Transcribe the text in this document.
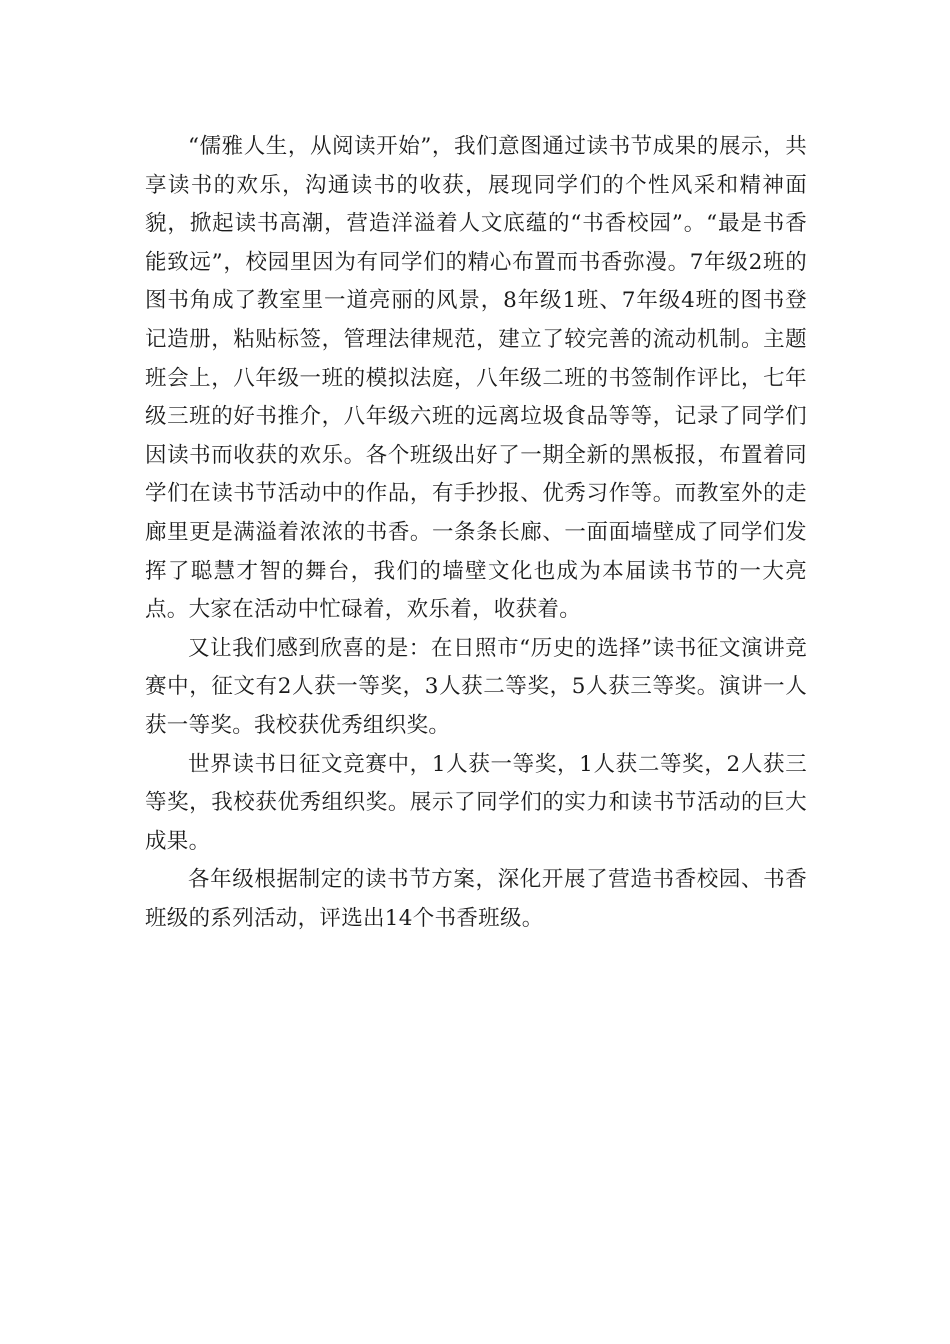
“儒雅人生，从阅读开始”，我们意图通过读书节成果的展示，共享读书的欢乐，沟通读书的收获，展现同学们的个性风采和精神面貌，掀起读书高潮，营造洋溢着人文底蕴的“书香校园”。“最是书香能致远”，校园里因为有同学们的精心布置而书香弥漫。7年级2班的图书角成了教室里一道亮丽的风景，8年级1班、7年级4班的图书登记造册，粘贴标签，管理法律规范，建立了较完善的流动机制。主题班会上，八年级一班的模拟法庭，八年级二班的书签制作评比，七年级三班的好书推介，八年级六班的远离垃圾食品等等，记录了同学们因读书而收获的欢乐。各个班级出好了一期全新的黑板报，布置着同学们在读书节活动中的作品，有手抄报、优秀习作等。而教室外的走廊里更是满溢着浓浓的书香。一条条长廊、一面面墙壁成了同学们发挥了聪慧才智的舞台，我们的墙壁文化也成为本届读书节的一大亮点。大家在活动中忙碌着，欢乐着，收获着。

又让我们感到欣喜的是：在日照市“历史的选择”读书征文演讲竞赛中，征文有2人获一等奖，3人获二等奖，5人获三等奖。演讲一人获一等奖。我校获优秀组织奖。

世界读书日征文竞赛中，1人获一等奖，1人获二等奖，2人获三等奖，我校获优秀组织奖。展示了同学们的实力和读书节活动的巨大成果。

各年级根据制定的读书节方案，深化开展了营造书香校园、书香班级的系列活动，评选出14个书香班级。
